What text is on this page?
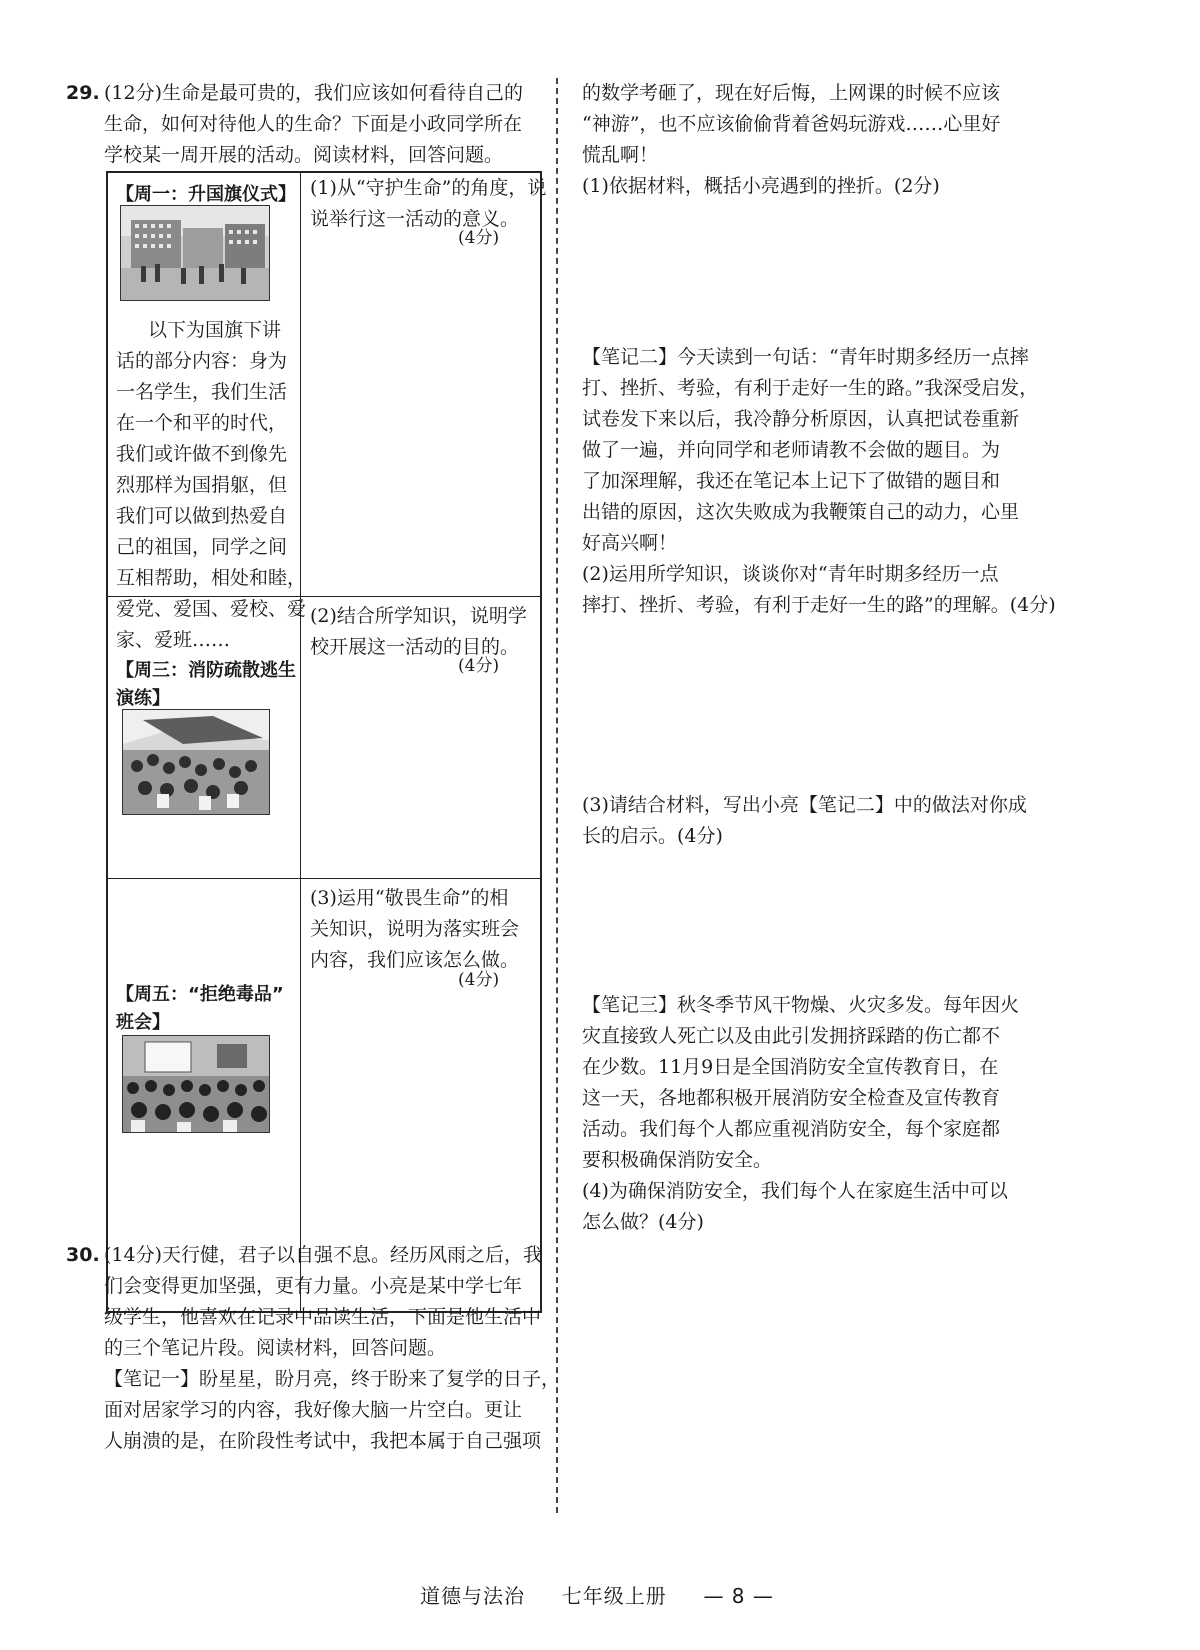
29. (12分)生命是最可贵的，我们应该如何看待自己的
生命，如何对待他人的生命？下面是小政同学所在
学校某一周开展的活动。阅读材料，回答问题。
【周一：升国旗仪式】
以下为国旗下讲
话的部分内容：身为
一名学生，我们生活
在一个和平的时代，
我们或许做不到像先
烈那样为国捐躯，但
我们可以做到热爱自
己的祖国，同学之间
互相帮助，相处和睦，
爱党、爱国、爱校、爱
家、爱班……
(1)从“守护生命”的角度，说
说举行这一活动的意义。
(4分)
(2)结合所学知识，说明学
校开展这一活动的目的。
(4分)
【周三：消防疏散逃生
演练】
(3)运用“敬畏生命”的相
关知识，说明为落实班会
内容，我们应该怎么做。
(4分)
【周五：“拒绝毒品”
班会】
30. (14分)天行健，君子以自强不息。经历风雨之后，我
们会变得更加坚强，更有力量。小亮是某中学七年
级学生，他喜欢在记录中品读生活，下面是他生活中
的三个笔记片段。阅读材料，回答问题。
【笔记一】盼星星，盼月亮，终于盼来了复学的日子，
面对居家学习的内容，我好像大脑一片空白。更让
人崩溃的是，在阶段性考试中，我把本属于自己强项
的数学考砸了，现在好后悔，上网课的时候不应该
“神游”，也不应该偷偷背着爸妈玩游戏……心里好
慌乱啊！
(1)依据材料，概括小亮遇到的挫折。(2分)
【笔记二】今天读到一句话：“青年时期多经历一点摔
打、挫折、考验，有利于走好一生的路。”我深受启发，
试卷发下来以后，我冷静分析原因，认真把试卷重新
做了一遍，并向同学和老师请教不会做的题目。为
了加深理解，我还在笔记本上记下了做错的题目和
出错的原因，这次失败成为我鞭策自己的动力，心里
好高兴啊！
(2)运用所学知识，谈谈你对“青年时期多经历一点
摔打、挫折、考验，有利于走好一生的路”的理解。(4分)
(3)请结合材料，写出小亮【笔记二】中的做法对你成
长的启示。(4分)
【笔记三】秋冬季节风干物燥、火灾多发。每年因火
灾直接致人死亡以及由此引发拥挤踩踏的伤亡都不
在少数。11月9日是全国消防安全宣传教育日，在
这一天，各地都积极开展消防安全检查及宣传教育
活动。我们每个人都应重视消防安全，每个家庭都
要积极确保消防安全。
(4)为确保消防安全，我们每个人在家庭生活中可以
怎么做？(4分)
道德与法治 七年级上册 — 8 —
